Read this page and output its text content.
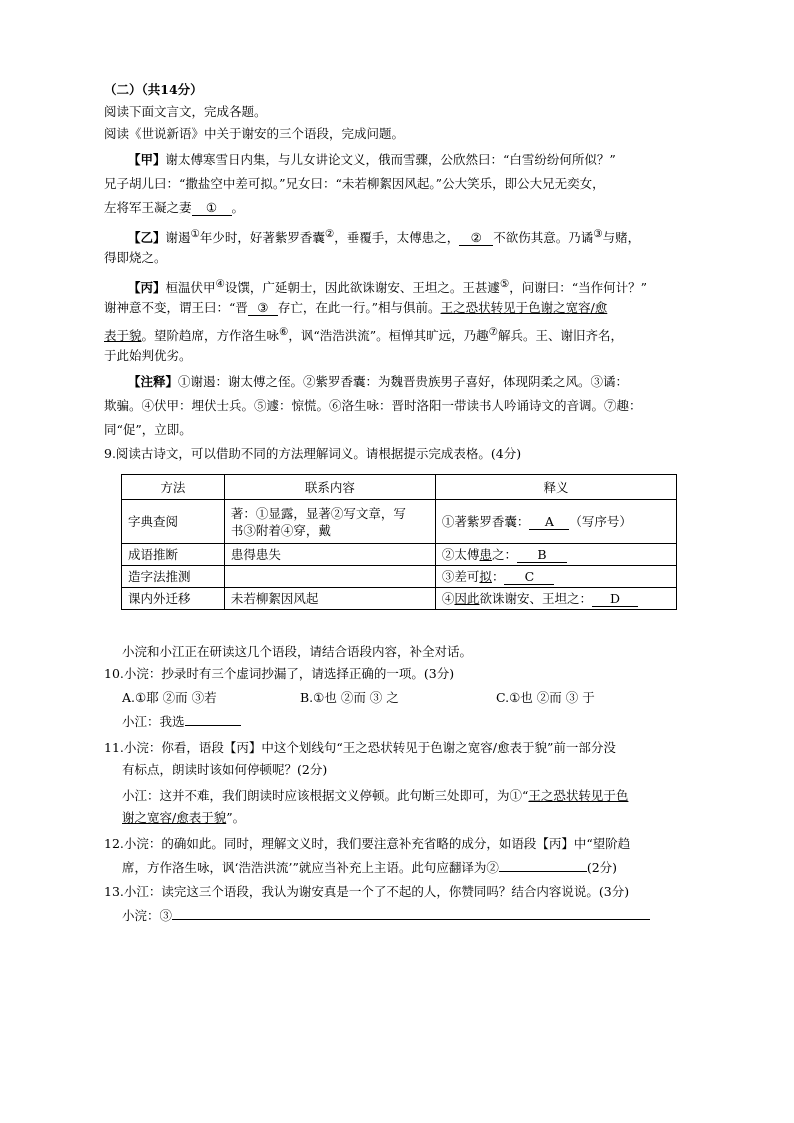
（二）（共14分）
阅读下面文言文，完成各题。
阅读《世说新语》中关于谢安的三个语段，完成问题。
【甲】谢太傅寒雪日内集，与儿女讲论文义，俄而雪骤，公欣然曰：“白雪纷纷何所似？”
兄子胡儿曰：“撒盐空中差可拟。”兄女曰：“未若柳絮因风起。”公大笑乐，即公大兄无奕女，
左将军王凝之妻 ① 。
【乙】谢遏①年少时，好著紫罗香囊②，垂覆手，太傅患之， ② 不欲伤其意。乃谲③与赌，
得即烧之。
【丙】桓温伏甲④设馔，广延朝士，因此欲诛谢安、王坦之。王甚遽⑤，问谢曰：“当作何计？”
谢神意不变，谓王曰：“晋 ③ 存亡，在此一行。”相与俱前。王之恐状转见于色谢之宽容/愈
表于貌。望阶趋席，方作洛生咏⑥，讽“浩浩洪流”。桓惮其旷远，乃趣⑦解兵。王、谢旧齐名，
于此始判优劣。
【注释】①谢遏：谢太傅之侄。②紫罗香囊：为魏晋贵族男子喜好，体现阴柔之风。③谲：
欺骗。④伏甲：埋伏士兵。⑤遽：惊慌。⑥洛生咏：晋时洛阳一带读书人吟诵诗文的音调。⑦趣：
同“促”，立即。
9.阅读古诗文，可以借助不同的方法理解词义。请根据提示完成表格。(4分)
方法	联系内容	释义
字典查阅	著：①显露，显著②写文章，写
书③附着④穿，戴	①著紫罗香囊： A （写序号）
成语推断	患得患失	②太傅患之： B
造字法推测		③差可拟： C
课内外迁移	未若柳絮因风起	④因此欲诛谢安、王坦之： D
小浣和小江正在研读这几个语段，请结合语段内容，补全对话。
10.小浣：抄录时有三个虚词抄漏了，请选择正确的一项。(3分)
A.①耶 ②而 ③若	B.①也 ②而 ③ 之	C.①也 ②而 ③ 于
小江：我选
11.小浣：你看，语段【丙】中这个划线句“王之恐状转见于色谢之宽容/愈表于貌”前一部分没
有标点，朗读时该如何停顿呢？(2分)
小江：这并不难，我们朗读时应该根据文义停顿。此句断三处即可，为①“王之恐状转见于色
谢之宽容/愈表于貌”。
12.小浣：的确如此。同时，理解文义时，我们要注意补充省略的成分，如语段【丙】中“望阶趋
席，方作洛生咏，讽‘浩浩洪流’”就应当补充上主语。此句应翻译为②	(2分)
13.小江：读完这三个语段，我认为谢安真是一个了不起的人，你赞同吗？结合内容说说。(3分)
小浣：③
